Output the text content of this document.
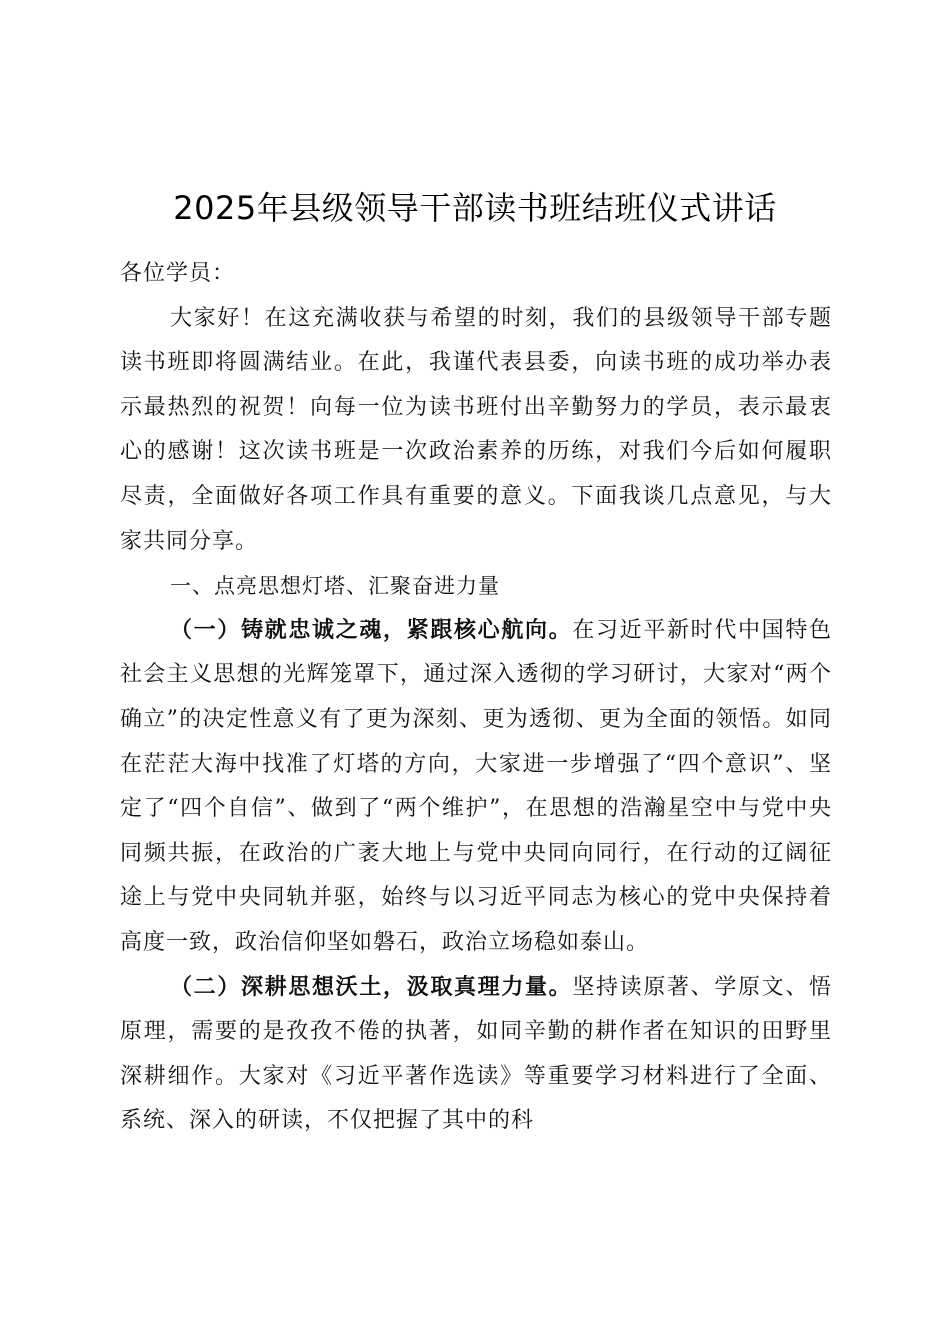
2025年县级领导干部读书班结班仪式讲话

各位学员：

大家好！在这充满收获与希望的时刻，我们的县级领导干部专题读书班即将圆满结业。在此，我谨代表县委，向读书班的成功举办表示最热烈的祝贺！向每一位为读书班付出辛勤努力的学员，表示最衷心的感谢！这次读书班是一次政治素养的历练，对我们今后如何履职尽责，全面做好各项工作具有重要的意义。下面我谈几点意见，与大家共同分享。

一、点亮思想灯塔、汇聚奋进力量

（一）铸就忠诚之魂，紧跟核心航向。在习近平新时代中国特色社会主义思想的光辉笼罩下，通过深入透彻的学习研讨，大家对“两个确立”的决定性意义有了更为深刻、更为透彻、更为全面的领悟。如同在茫茫大海中找准了灯塔的方向，大家进一步增强了“四个意识”、坚定了“四个自信”、做到了“两个维护”，在思想的浩瀚星空中与党中央同频共振，在政治的广袤大地上与党中央同向同行，在行动的辽阔征途上与党中央同轨并驱，始终与以习近平同志为核心的党中央保持着高度一致，政治信仰坚如磐石，政治立场稳如泰山。

（二）深耕思想沃土，汲取真理力量。坚持读原著、学原文、悟原理，需要的是孜孜不倦的执著，如同辛勤的耕作者在知识的田野里深耕细作。大家对《习近平著作选读》等重要学习材料进行了全面、系统、深入的研读，不仅把握了其中的科
